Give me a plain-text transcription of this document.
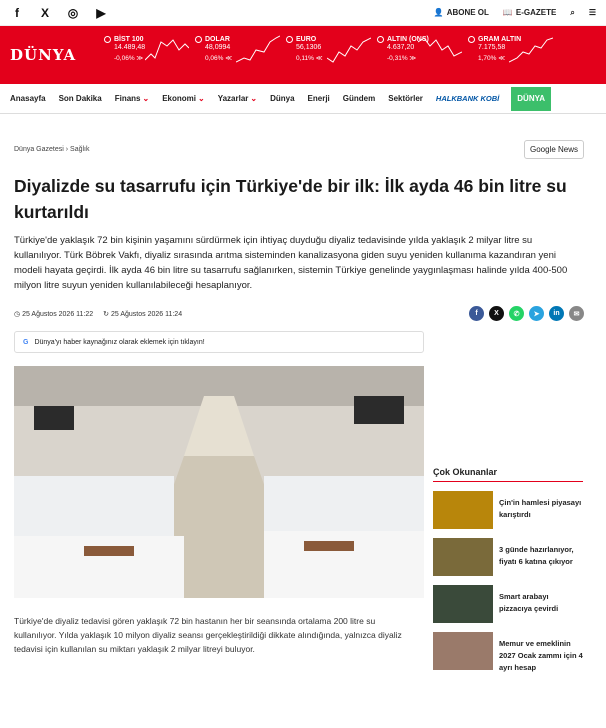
f	X ◎ ▶	👤 ABONE OL 📖 E-GAZETE ⌕ ☰
DÜNYA
BİST 100
14.489,48
-0,06% ≫
DOLAR
48,0994
0,06% ≪
EURO
56,1306
0,11% ≪
ALTIN (ONS)
4.637,20
-0,31% ≫
GRAM ALTIN
7.175,58
1,70% ≪
Anasayfa Son Dakika Finans ⌄	Ekonomi ⌄	Yazarlar ⌄	Dünya Enerji Gündem Sektörler HALKBANK KOBİ	DÜNYA
Dünya Gazetesi › Sağlık	Google News
Diyalizde su tasarrufu için Türkiye'de bir ilk: İlk ayda 46 bin litre su kurtarıldı

Türkiye'de yaklaşık 72 bin kişinin yaşamını sürdürmek için ihtiyaç duyduğu diyaliz tedavisinde yılda yaklaşık 2 milyar litre su kullanılıyor. Türk Böbrek Vakfı, diyaliz sırasında arıtma sisteminden kanalizasyona giden suyu yeniden kullanıma kazandıran yeni modeli hayata geçirdi. İlk ayda 46 bin litre su tasarrufu sağlanırken, sistemin Türkiye genelinde yaygınlaşması halinde yılda 400-500 milyon litre suyun yeniden kullanılabileceği hesaplanıyor.

◷ 25 Ağustos 2026 11:22 ↻ 25 Ağustos 2026 11:24	f	X	✆	➤	in	✉
G Dünya'yı haber kaynağınız olarak eklemek için tıklayın!

Türkiye'de diyaliz tedavisi gören yaklaşık 72 bin hastanın her bir seansında ortalama 200 litre su kullanılıyor. Yılda yaklaşık 10 milyon diyaliz seansı gerçekleştirildiği dikkate alındığında, yalnızca diyaliz tedavisi için kullanılan su miktarı yaklaşık 2 milyar litreyi buluyor.

Çok Okunanlar
Çin'in hamlesi piyasayı karıştırdı
3 günde hazırlanıyor, fiyatı 6 katına çıkıyor
Smart arabayı pizzacıya çevirdi
Memur ve emeklinin 2027 Ocak zammı için 4 ayrı hesap
